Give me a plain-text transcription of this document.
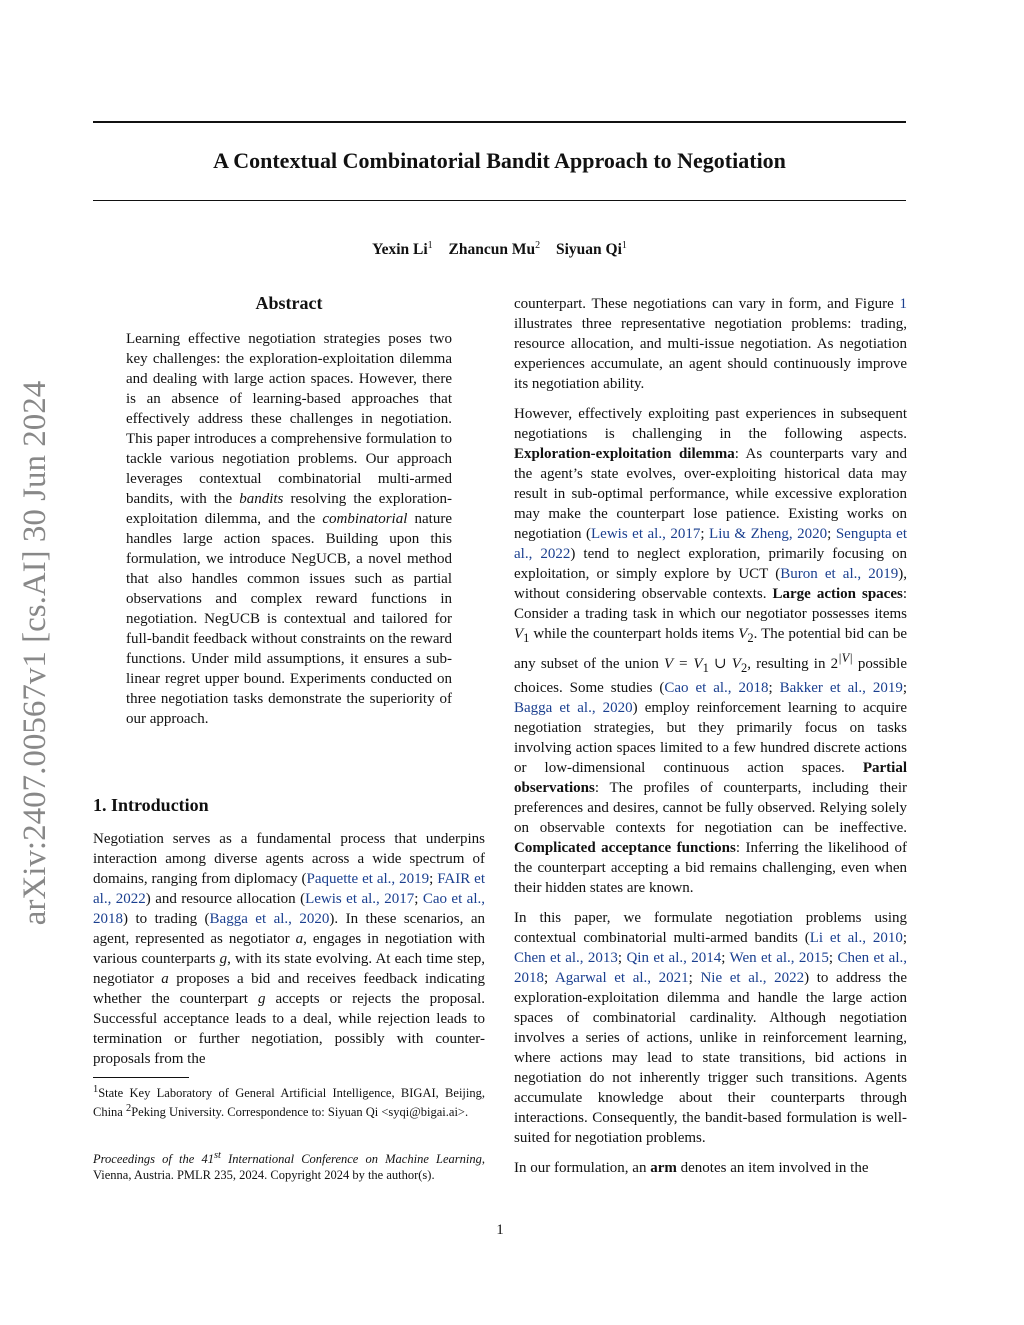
arXiv:2407.00567v1 [cs.AI] 30 Jun 2024
A Contextual Combinatorial Bandit Approach to Negotiation
Yexin Li$^1$ Zhancun Mu$^2$ Siyuan Qi$^1$
Abstract

Learning effective negotiation strategies poses two key challenges: the exploration-exploitation dilemma and dealing with large action spaces. However, there is an absence of learning-based approaches that effectively address these challenges in negotiation. This paper introduces a comprehensive formulation to tackle various negotiation problems. Our approach leverages contextual combinatorial multi-armed bandits, with the bandits resolving the exploration-exploitation dilemma, and the combinatorial nature handles large action spaces. Building upon this formulation, we introduce NegUCB, a novel method that also handles common issues such as partial observations and complex reward functions in negotiation. NegUCB is contextual and tailored for full-bandit feedback without constraints on the reward functions. Under mild assumptions, it ensures a sub-linear regret upper bound. Experiments conducted on three negotiation tasks demonstrate the superiority of our approach.

1. Introduction

Negotiation serves as a fundamental process that underpins interaction among diverse agents across a wide spectrum of domains, ranging from diplomacy (Paquette et al., 2019; FAIR et al., 2022) and resource allocation (Lewis et al., 2017; Cao et al., 2018) to trading (Bagga et al., 2020). In these scenarios, an agent, represented as negotiator a, engages in negotiation with various counterparts g, with its state evolving. At each time step, negotiator a proposes a bid and receives feedback indicating whether the counterpart g accepts or rejects the proposal. Successful acceptance leads to a deal, while rejection leads to termination or further negotiation, possibly with counter-proposals from the

$^1$State Key Laboratory of General Artificial Intelligence, BIGAI, Beijing, China $^2$Peking University. Correspondence to: Siyuan Qi <syqi@bigai.ai>.
Proceedings of the 41st International Conference on Machine Learning, Vienna, Austria. PMLR 235, 2024. Copyright 2024 by the author(s).

counterpart. These negotiations can vary in form, and Figure 1 illustrates three representative negotiation problems: trading, resource allocation, and multi-issue negotiation. As negotiation experiences accumulate, an agent should continuously improve its negotiation ability.

However, effectively exploiting past experiences in subsequent negotiations is challenging in the following aspects. Exploration-exploitation dilemma: As counterparts vary and the agent’s state evolves, over-exploiting historical data may result in sub-optimal performance, while excessive exploration may make the counterpart lose patience. Existing works on negotiation (Lewis et al., 2017; Liu & Zheng, 2020; Sengupta et al., 2022) tend to neglect exploration, primarily focusing on exploitation, or simply explore by UCT (Buron et al., 2019), without considering observable contexts. Large action spaces: Consider a trading task in which our negotiator possesses items $V_1$ while the counterpart holds items $V_2$. The potential bid can be any subset of the union $V = V_1$ ∪ $V_2$, resulting in $2^{|V|}$ possible choices. Some studies (Cao et al., 2018; Bakker et al., 2019; Bagga et al., 2020) employ reinforcement learning to acquire negotiation strategies, but they primarily focus on tasks involving action spaces limited to a few hundred discrete actions or low-dimensional continuous action spaces. Partial observations: The profiles of counterparts, including their preferences and desires, cannot be fully observed. Relying solely on observable contexts for negotiation can be ineffective. Complicated acceptance functions: Inferring the likelihood of the counterpart accepting a bid remains challenging, even when their hidden states are known.

In this paper, we formulate negotiation problems using contextual combinatorial multi-armed bandits (Li et al., 2010; Chen et al., 2013; Qin et al., 2014; Wen et al., 2015; Chen et al., 2018; Agarwal et al., 2021; Nie et al., 2022) to address the exploration-exploitation dilemma and handle the large action spaces of combinatorial cardinality. Although negotiation involves a series of actions, unlike in reinforcement learning, where actions may lead to state transitions, bid actions in negotiation do not inherently trigger such transitions. Agents accumulate knowledge about their counterparts through interactions. Consequently, the bandit-based formulation is well-suited for negotiation problems.

In our formulation, an arm denotes an item involved in the

1
